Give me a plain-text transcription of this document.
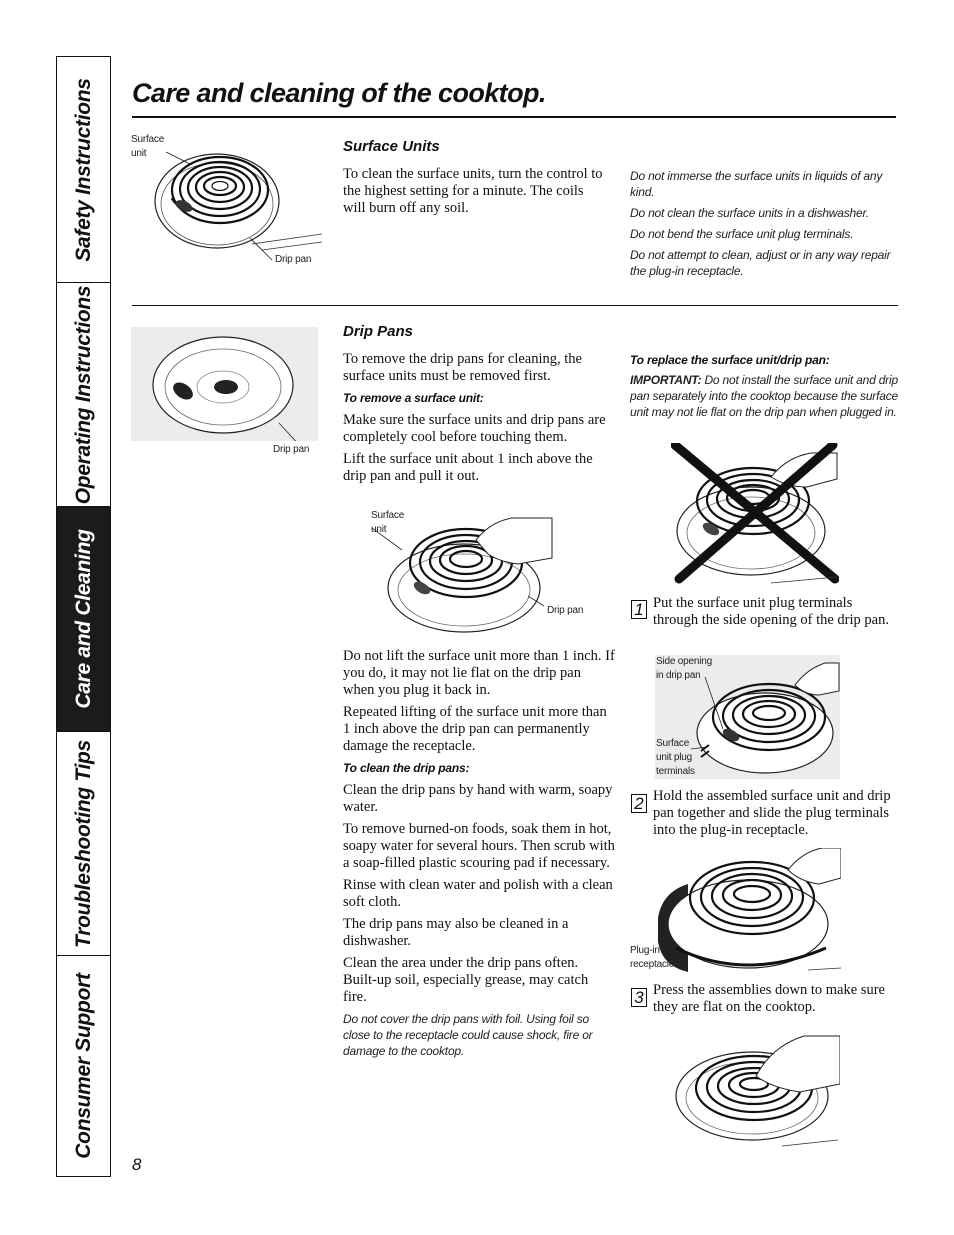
Safety Instructions
Operating Instructions
Care and Cleaning
Troubleshooting Tips
Consumer Support
Care and cleaning of the cooktop.
Surface
unit
Drip pan
Surface Units

To clean the surface units, turn the control to the highest setting for a minute. The coils will burn off any soil.

Do not immerse the surface units in liquids of any kind.

Do not clean the surface units in a dishwasher.

Do not bend the surface unit plug terminals.

Do not attempt to clean, adjust or in any way repair the plug-in receptacle.

Drip pan
Drip Pans

To remove the drip pans for cleaning, the surface units must be removed first.

To remove a surface unit:

Make sure the surface units and drip pans are completely cool before touching them.

Lift the surface unit about 1 inch above the drip pan and pull it out.

Surface
unit
Drip pan

Do not lift the surface unit more than 1 inch. If you do, it may not lie flat on the drip pan when you plug it back in.

Repeated lifting of the surface unit more than 1 inch above the drip pan can permanently damage the receptacle.

To clean the drip pans:

Clean the drip pans by hand with warm, soapy water.

To remove burned-on foods, soak them in hot, soapy water for several hours. Then scrub with a soap-filled plastic scouring pad if necessary.

Rinse with clean water and polish with a clean soft cloth.

The drip pans may also be cleaned in a dishwasher.

Clean the area under the drip pans often. Built-up soil, especially grease, may catch fire.

Do not cover the drip pans with foil. Using foil so close to the receptacle could cause shock, fire or damage to the cooktop.

To replace the surface unit/drip pan:

IMPORTANT: Do not install the surface unit and drip pan separately into the cooktop because the surface unit may not lie flat on the drip pan when plugged in.

1 Put the surface unit plug terminals through the side opening of the drip pan.
Side opening
in drip pan
Surface
unit plug
terminals
2 Hold the assembled surface unit and drip pan together and slide the plug terminals into the plug-in receptacle.
Plug-in
receptacle
3 Press the assemblies down to make sure they are flat on the cooktop.
8
